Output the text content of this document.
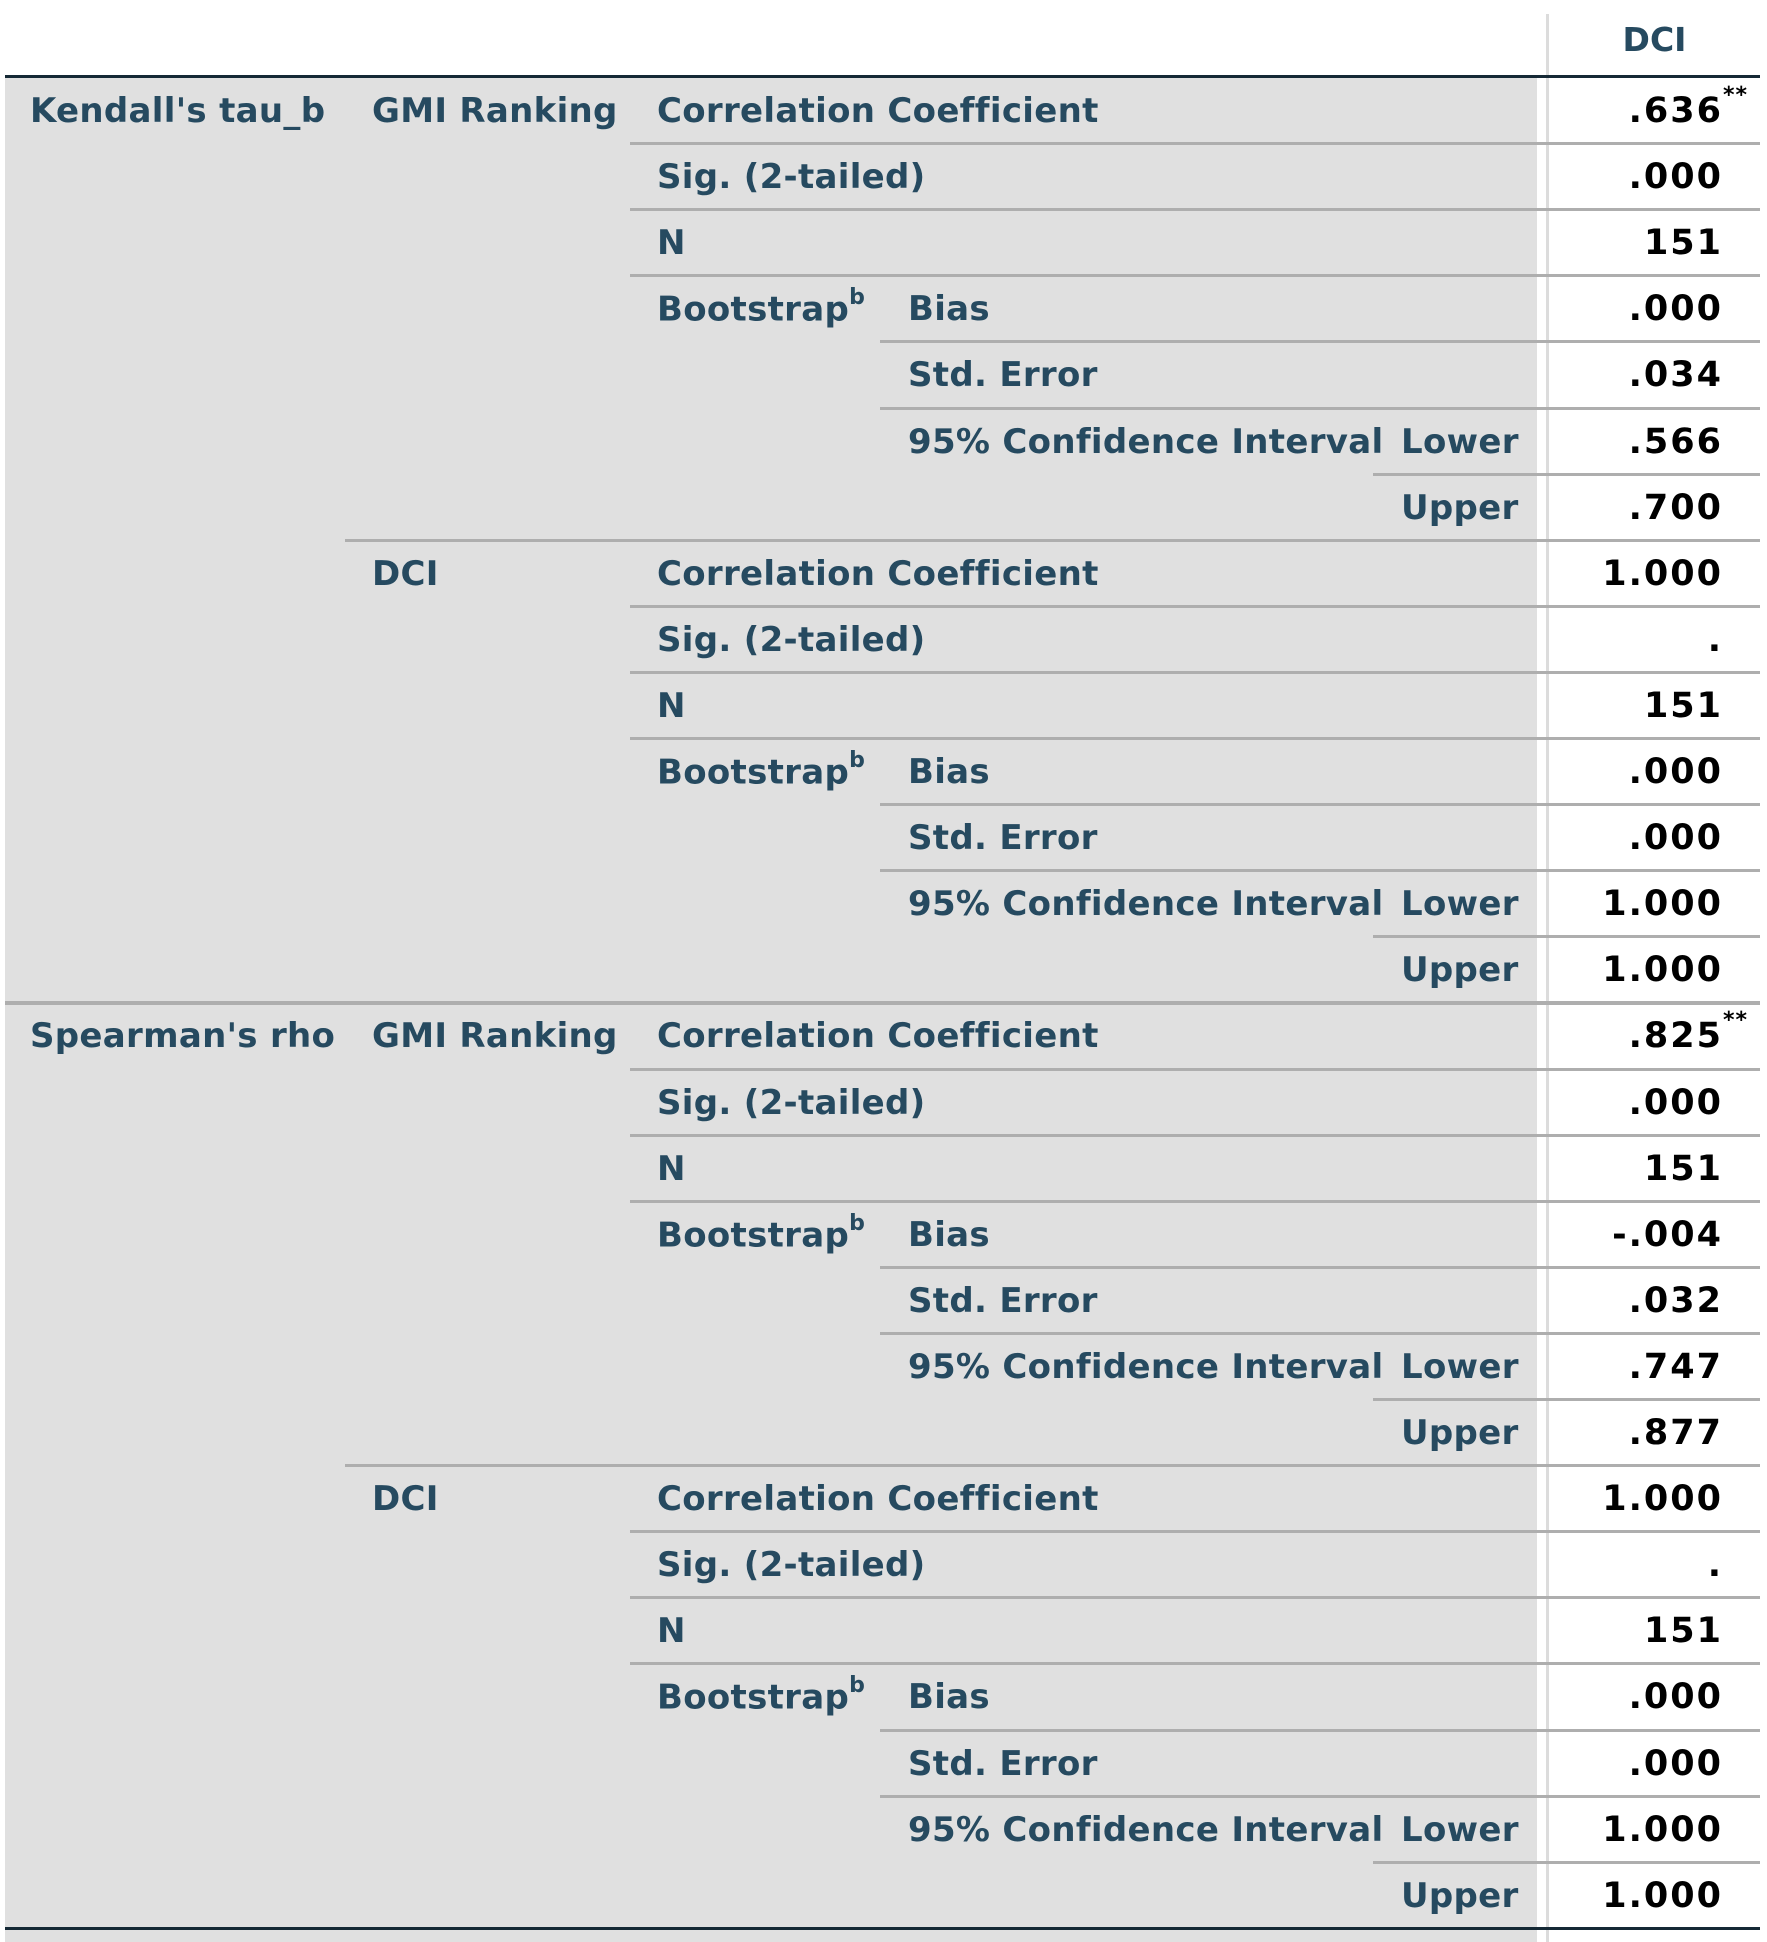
DCI
Kendall's tau_b GMI Ranking Correlation Coefficient	.636 **
Sig. (2-tailed)	.000
N	151
Bootstrap$^b$ Bias	.000
Std. Error	.034
95% Confidence Interval Lower	.566
Upper	.700
DCI	Correlation Coefficient	1.000
Sig. (2-tailed)	.
N	151
Bootstrap$^b$ Bias	.000
Std. Error	.000
95% Confidence Interval Lower	1.000
Upper	1.000
Spearman's rho GMI Ranking Correlation Coefficient	.825 **
Sig. (2-tailed)	.000
N	151
Bootstrap$^b$ Bias	-.004
Std. Error	.032
95% Confidence Interval Lower	.747
Upper	.877
DCI	Correlation Coefficient	1.000
Sig. (2-tailed)	.
N	151
Bootstrap$^b$ Bias	.000
Std. Error	.000
95% Confidence Interval Lower	1.000
Upper	1.000
